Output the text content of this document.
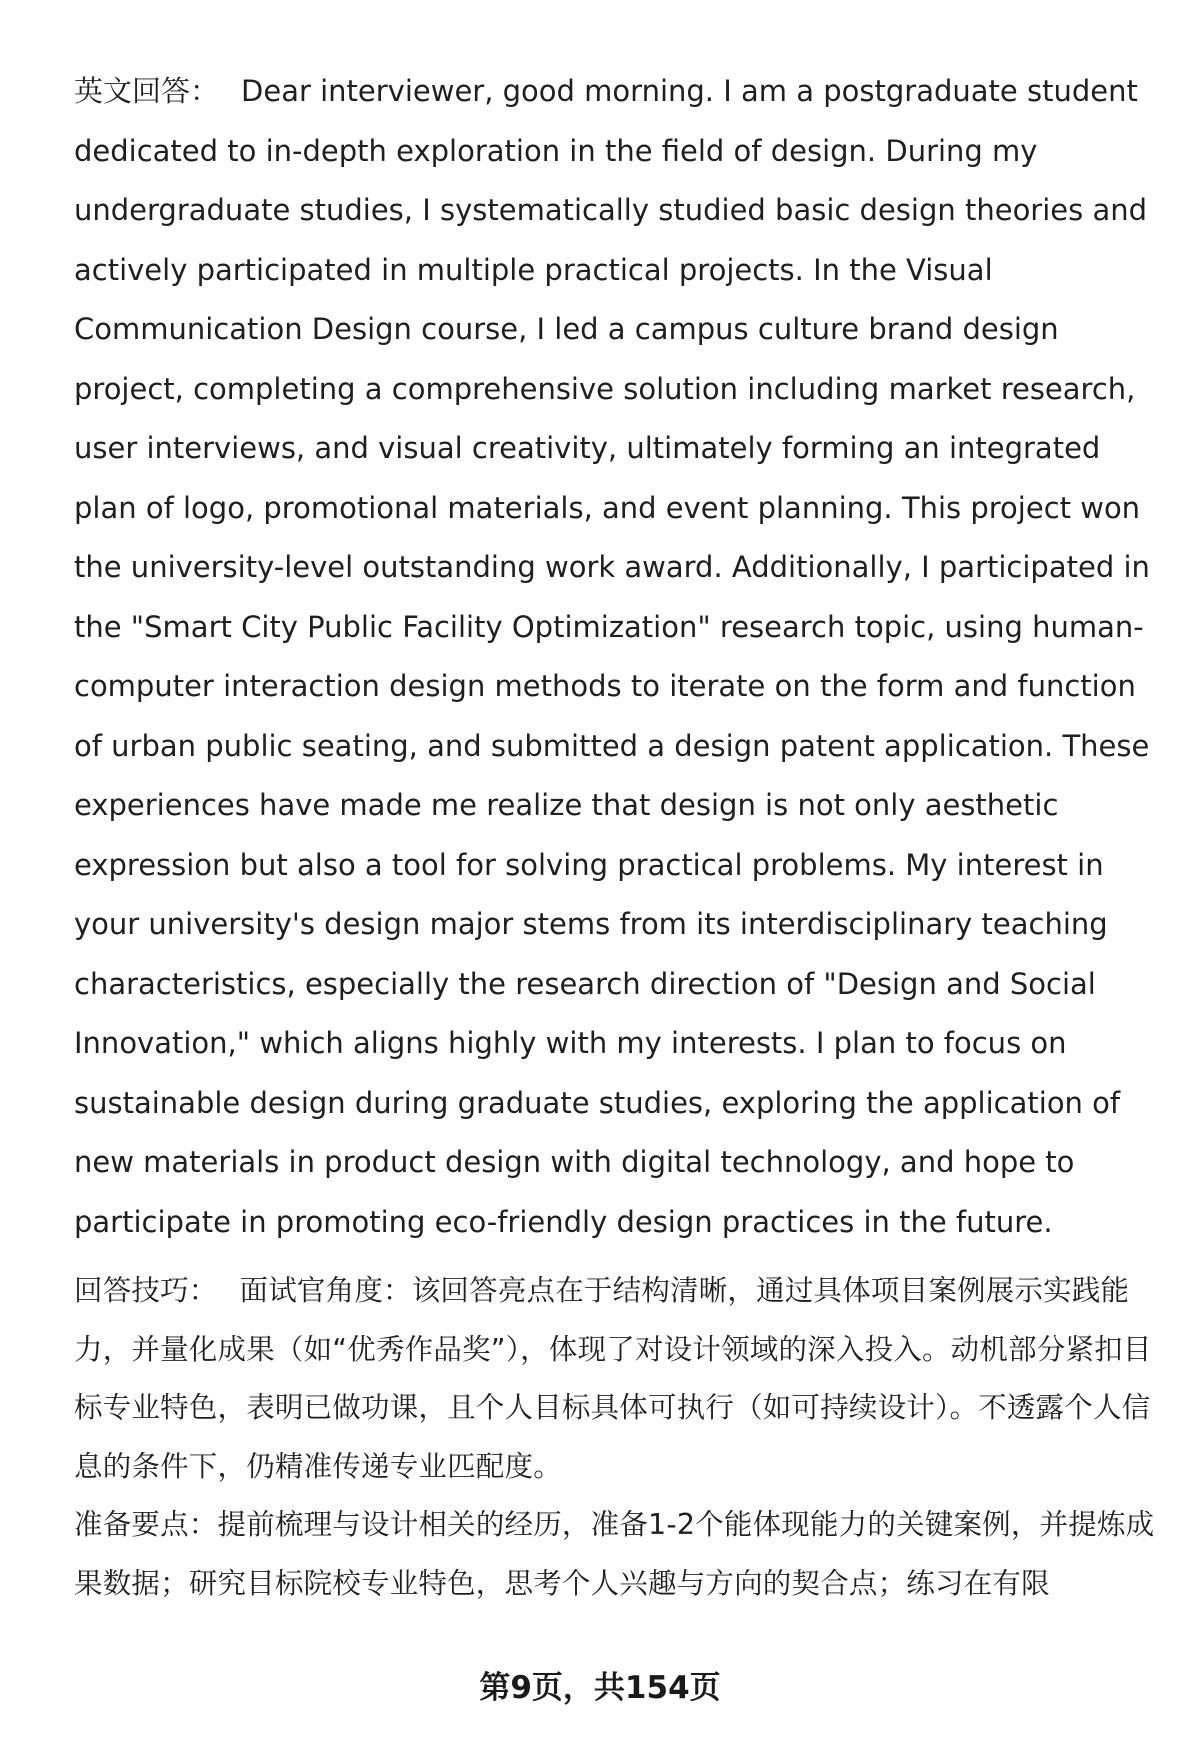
英文回答： Dear interviewer, good morning. I am a postgraduate student dedicated to in-depth exploration in the field of design. During my undergraduate studies, I systematically studied basic design theories and actively participated in multiple practical projects. In the Visual Communication Design course, I led a campus culture brand design project, completing a comprehensive solution including market research, user interviews, and visual creativity, ultimately forming an integrated plan of logo, promotional materials, and event planning. This project won the university-level outstanding work award. Additionally, I participated in the "Smart City Public Facility Optimization" research topic, using human-computer interaction design methods to iterate on the form and function of urban public seating, and submitted a design patent application. These experiences have made me realize that design is not only aesthetic expression but also a tool for solving practical problems. My interest in your university's design major stems from its interdisciplinary teaching characteristics, especially the research direction of "Design and Social Innovation," which aligns highly with my interests. I plan to focus on sustainable design during graduate studies, exploring the application of new materials in product design with digital technology, and hope to participate in promoting eco-friendly design practices in the future.

回答技巧： 面试官角度：该回答亮点在于结构清晰，通过具体项目案例展示实践能力，并量化成果（如“优秀作品奖”），体现了对设计领域的深入投入。动机部分紧扣目标专业特色，表明已做功课，且个人目标具体可执行（如可持续设计）。不透露个人信息的条件下，仍精准传递专业匹配度。

准备要点：提前梳理与设计相关的经历，准备1-2个能体现能力的关键案例，并提炼成果数据；研究目标院校专业特色，思考个人兴趣与方向的契合点；练习在有限

第9页，共154页
